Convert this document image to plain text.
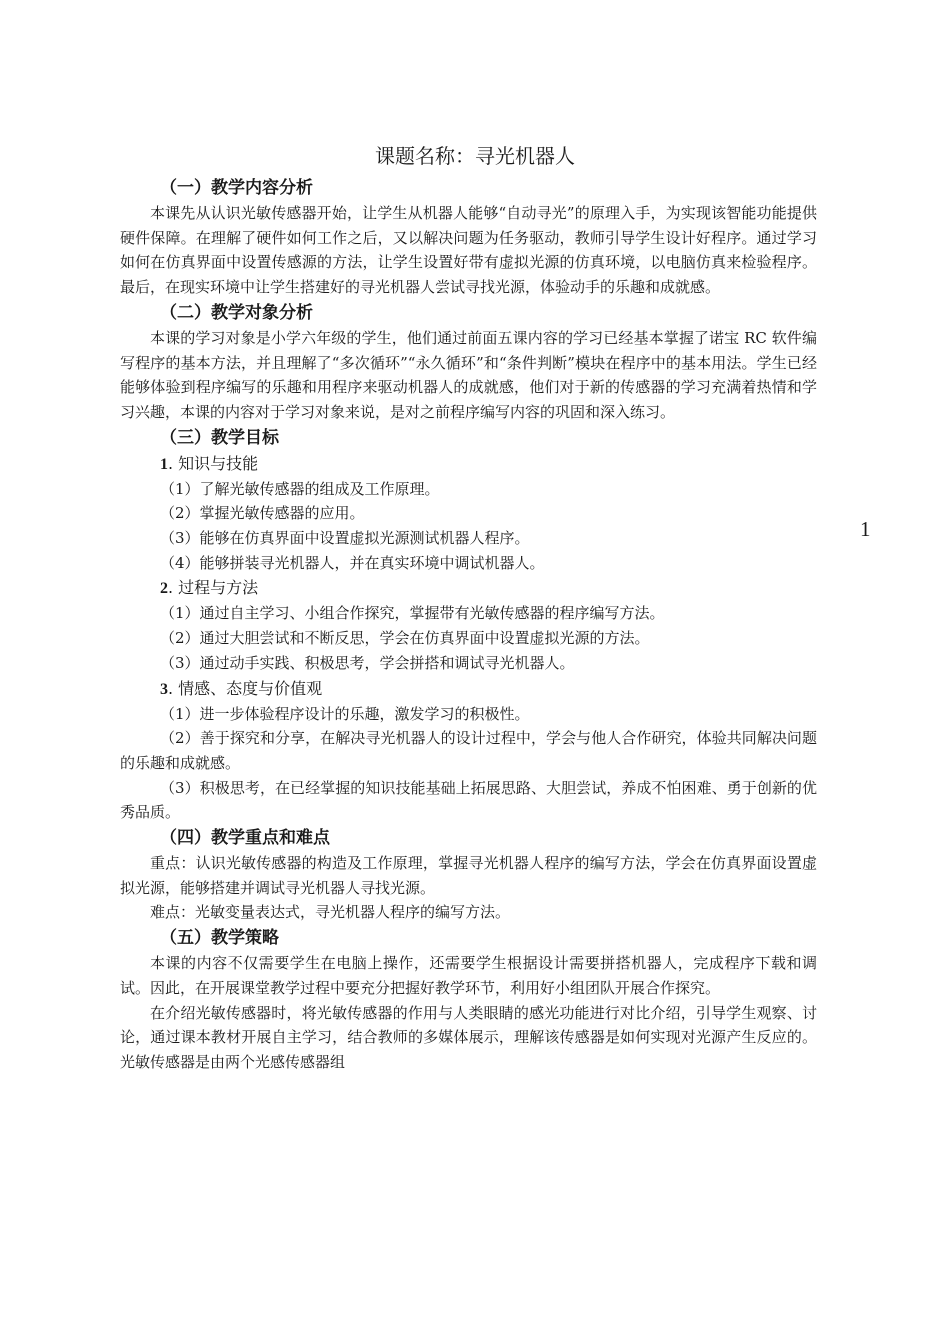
课题名称：寻光机器人
1
（一）教学内容分析

本课先从认识光敏传感器开始，让学生从机器人能够“自动寻光”的原理入手，为实现该智能功能提供硬件保障。在理解了硬件如何工作之后，又以解决问题为任务驱动，教师引导学生设计好程序。通过学习如何在仿真界面中设置传感源的方法，让学生设置好带有虚拟光源的仿真环境，以电脑仿真来检验程序。最后，在现实环境中让学生搭建好的寻光机器人尝试寻找光源，体验动手的乐趣和成就感。

（二）教学对象分析

本课的学习对象是小学六年级的学生，他们通过前面五课内容的学习已经基本掌握了诺宝 RC 软件编写程序的基本方法，并且理解了“多次循环”“永久循环”和“条件判断”模块在程序中的基本用法。学生已经能够体验到程序编写的乐趣和用程序来驱动机器人的成就感，他们对于新的传感器的学习充满着热情和学习兴趣，本课的内容对于学习对象来说，是对之前程序编写内容的巩固和深入练习。

（三）教学目标
1. 知识与技能

（1）了解光敏传感器的组成及工作原理。

（2）掌握光敏传感器的应用。

（3）能够在仿真界面中设置虚拟光源测试机器人程序。

（4）能够拼装寻光机器人，并在真实环境中调试机器人。

2. 过程与方法

（1）通过自主学习、小组合作探究，掌握带有光敏传感器的程序编写方法。

（2）通过大胆尝试和不断反思，学会在仿真界面中设置虚拟光源的方法。

（3）通过动手实践、积极思考，学会拼搭和调试寻光机器人。

3. 情感、态度与价值观

（1）进一步体验程序设计的乐趣，激发学习的积极性。

（2）善于探究和分享，在解决寻光机器人的设计过程中，学会与他人合作研究，体验共同解决问题的乐趣和成就感。

（3）积极思考，在已经掌握的知识技能基础上拓展思路、大胆尝试，养成不怕困难、勇于创新的优秀品质。

（四）教学重点和难点

重点：认识光敏传感器的构造及工作原理，掌握寻光机器人程序的编写方法，学会在仿真界面设置虚拟光源，能够搭建并调试寻光机器人寻找光源。

难点：光敏变量表达式，寻光机器人程序的编写方法。

（五）教学策略

本课的内容不仅需要学生在电脑上操作，还需要学生根据设计需要拼搭机器人，完成程序下载和调试。因此，在开展课堂教学过程中要充分把握好教学环节，利用好小组团队开展合作探究。

在介绍光敏传感器时，将光敏传感器的作用与人类眼睛的感光功能进行对比介绍，引导学生观察、讨论，通过课本教材开展自主学习，结合教师的多媒体展示，理解该传感器是如何实现对光源产生反应的。光敏传感器是由两个光感传感器组
